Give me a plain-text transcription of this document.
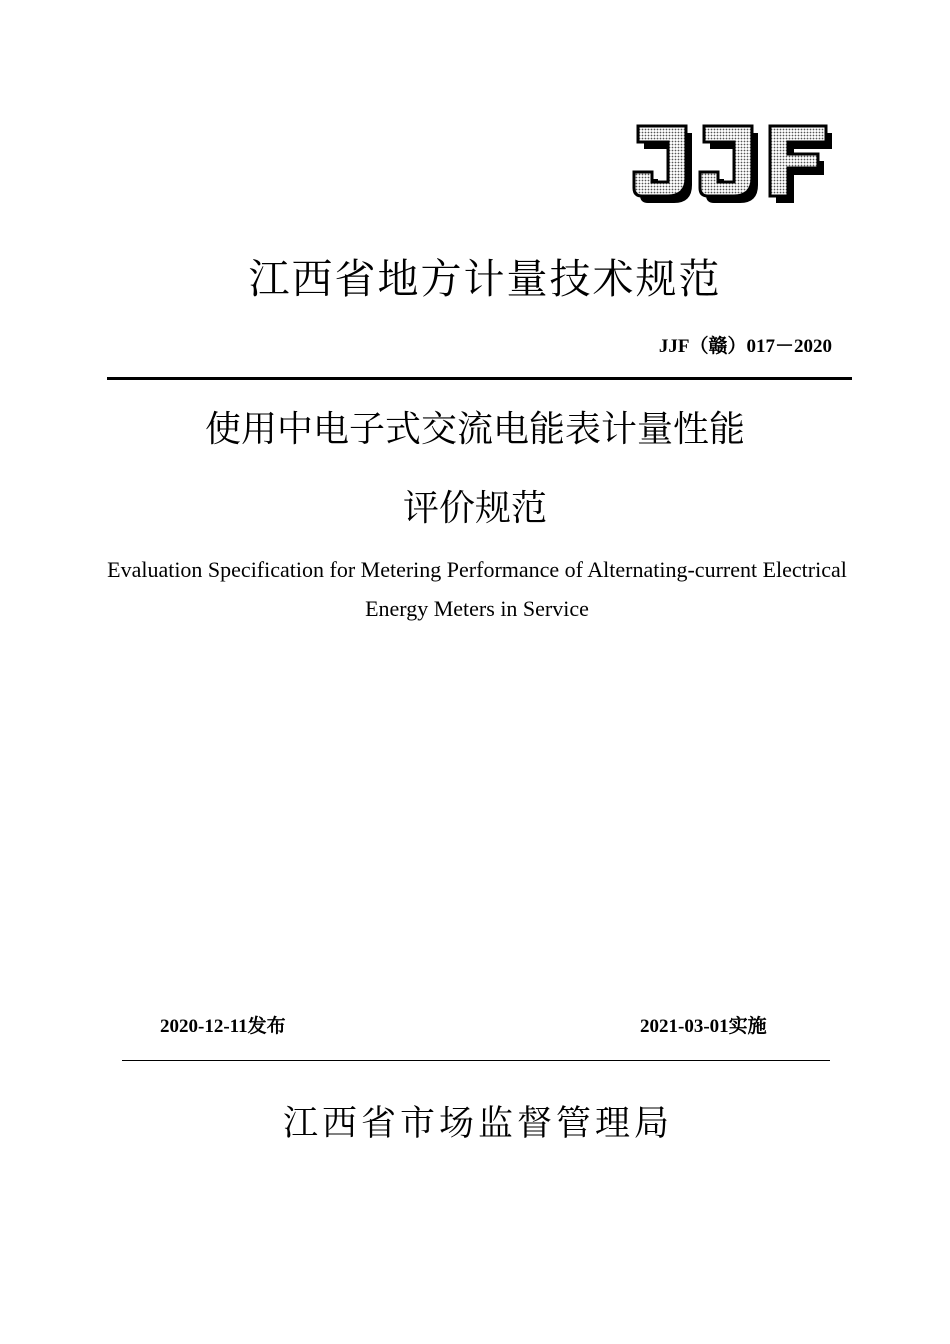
江西省地方计量技术规范
JJF（赣）017－2020
使用中电子式交流电能表计量性能
评价规范
Evaluation Specification for Metering Performance of Alternating-current Electrical
Energy Meters in Service
2020-12-11发布	2021-03-01实施
江西省市场监督管理局
